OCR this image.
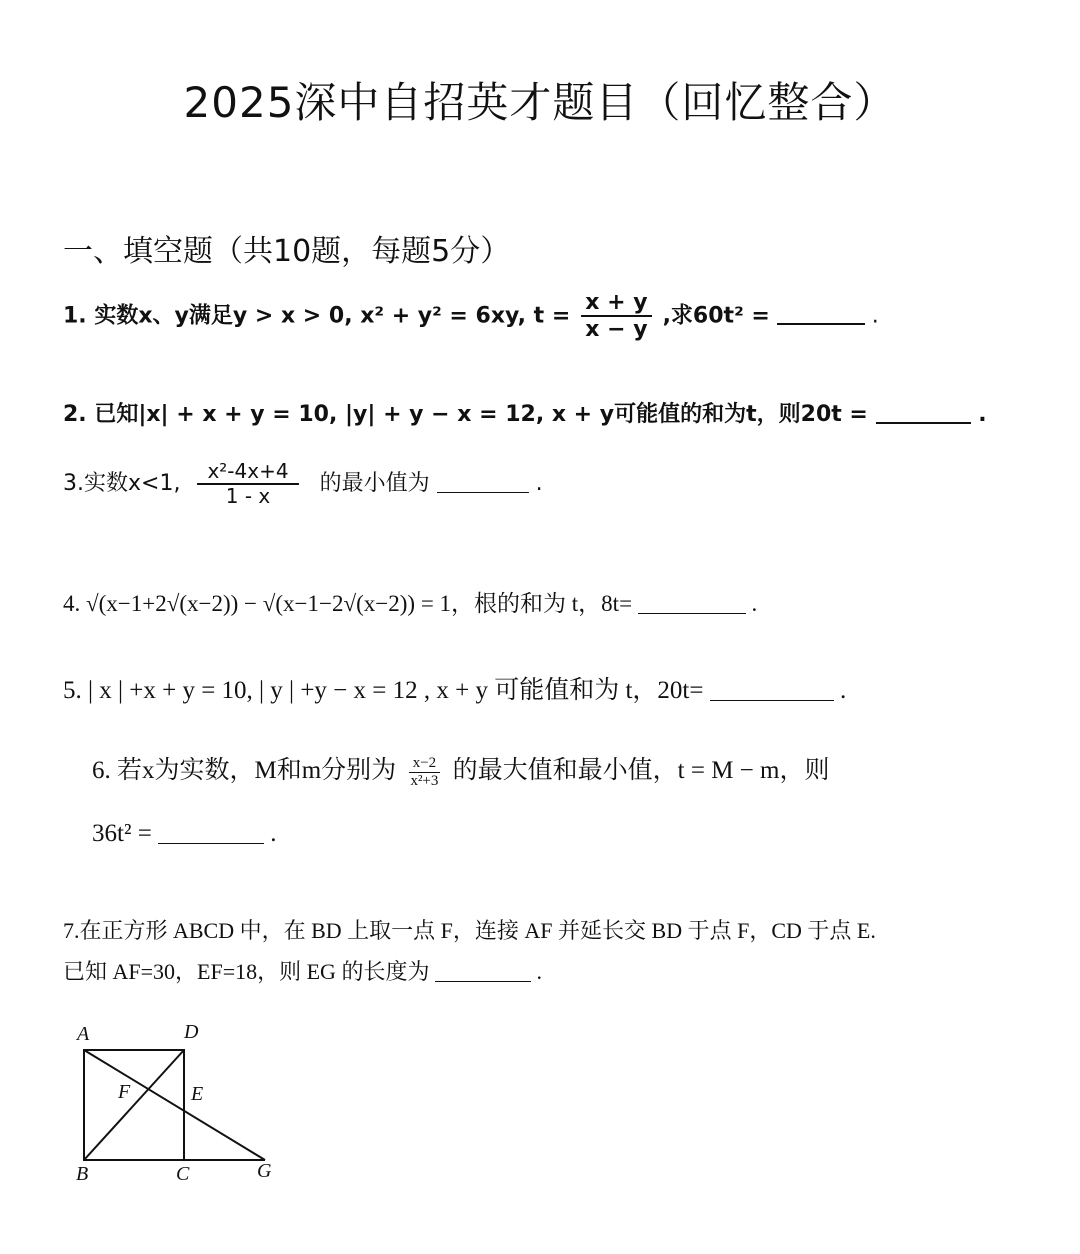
2025深中自招英才题目（回忆整合）
一、填空题（共10题，每题5分）
1. 实数x、y满足y > x > 0, x² + y² = 6xy, $t = \frac{x + y}{x - y}$ ,求60t² =	.
2. 已知|x| + x + y = 10, |y| + y − x = 12, x + y可能值的和为t，则20t =	.
3.实数x<1, $\frac{\text{x²-4x+4}}{1 - x}$ 的最小值为	.
4. √(x−1+2√(x−2)) − √(x−1−2√(x−2)) = 1，根的和为 t，8t=	.
5. | x | +x + y = 10, | y | +y − x = 12 , x + y 可能值和为 t，20t=	.
6. 若x为实数，M和m分别为 $\frac{x-2}{\text{x²+3}}$ 的最大值和最小值，t = M − m，则
36t² =	.
7.在正方形 ABCD 中，在 BD 上取一点 F，连接 AF 并延长交 BD 于点 F，CD 于点 E.
已知 AF=30，EF=18，则 EG 的长度为	.
A	D
F	E
B	C	G
